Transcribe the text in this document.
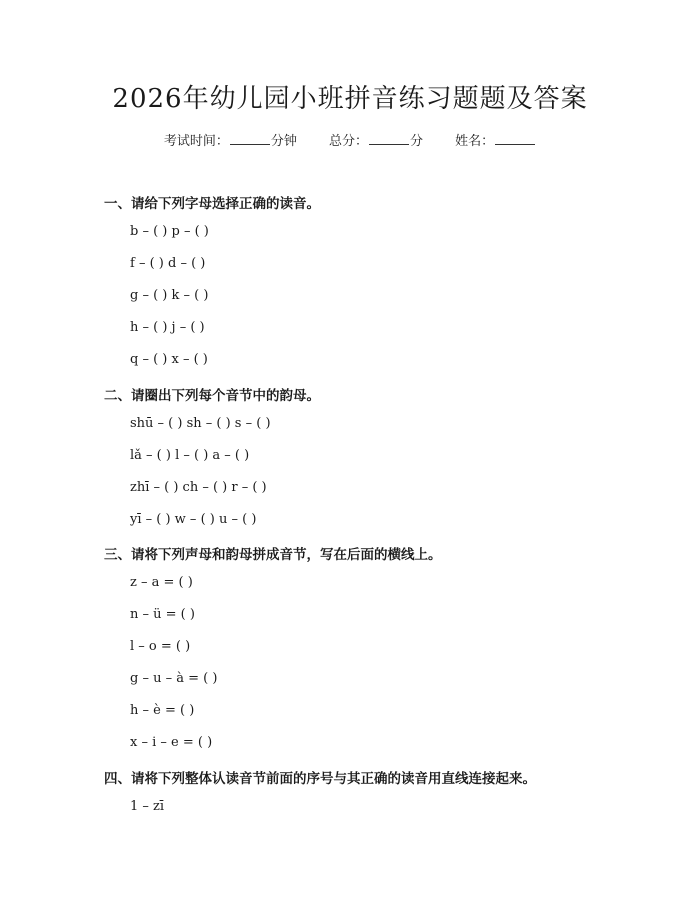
2026年幼儿园小班拼音练习题题及答案
考试时间：	分钟 总分：	分 姓名：
一、请给下列字母选择正确的读音。
b – ( ) p – ( )
f – ( ) d – ( )
g – ( ) k – ( )
h – ( ) j – ( )
q – ( ) x – ( )
二、请圈出下列每个音节中的韵母。
shū – ( ) sh – ( ) s – ( )
lǎ – ( ) l – ( ) a – ( )
zhī – ( ) ch – ( ) r – ( )
yī – ( ) w – ( ) u – ( )
三、请将下列声母和韵母拼成音节，写在后面的横线上。
z – a = ( )
n – ü = ( )
l – o = ( )
g – u – à = ( )
h – è = ( )
x – i – e = ( )
四、请将下列整体认读音节前面的序号与其正确的读音用直线连接起来。
1 – zī
